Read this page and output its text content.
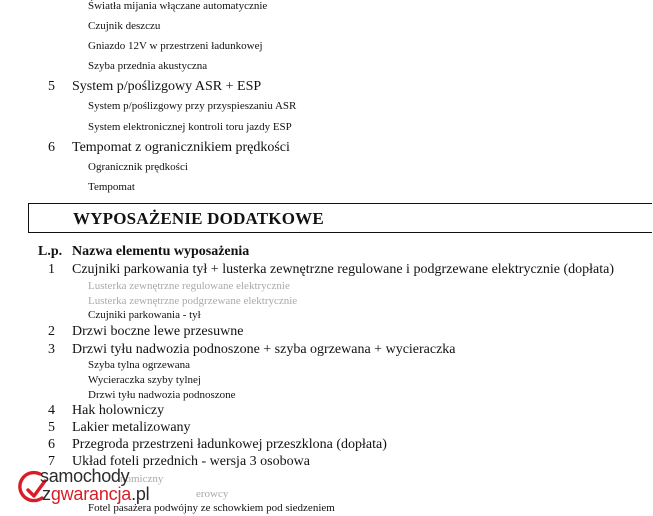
Światła mijania włączane automatycznie
Czujnik deszczu
Gniazdo 12V w przestrzeni ładunkowej
Szyba przednia akustyczna
5 System p/poślizgowy ASR + ESP
System p/poślizgowy przy przyspieszaniu ASR
System elektronicznej kontroli toru jazdy ESP
6 Tempomat z ogranicznikiem prędkości
Ogranicznik prędkości
Tempomat
WYPOSAŻENIE DODATKOWE
L.p. Nazwa elementu wyposażenia
1 Czujniki parkowania tył + lusterka zewnętrzne regulowane i podgrzewane elektrycznie (dopłata)
Lusterka zewnętrzne regulowane elektrycznie
Lusterka zewnętrzne podgrzewane elektrycznie
Czujniki parkowania - tył
2 Drzwi boczne lewe przesuwne
3 Drzwi tyłu nadwozia podnoszone + szyba ogrzewana + wycieraczka
Szyba tylna ogrzewana
Wycieraczka szyby tylnej
Drzwi tyłu nadwozia podnoszone
4 Hak holowniczy
5 Lakier metalizowany
6 Przegroda przestrzeni ładunkowej przeszklona (dopłata)
7 Układ foteli przednich - wersja 3 osobowa
nomiczny
erowcy
Fotel pasażera podwójny ze schowkiem pod siedzeniem
samochody
zgwarancja.pl
